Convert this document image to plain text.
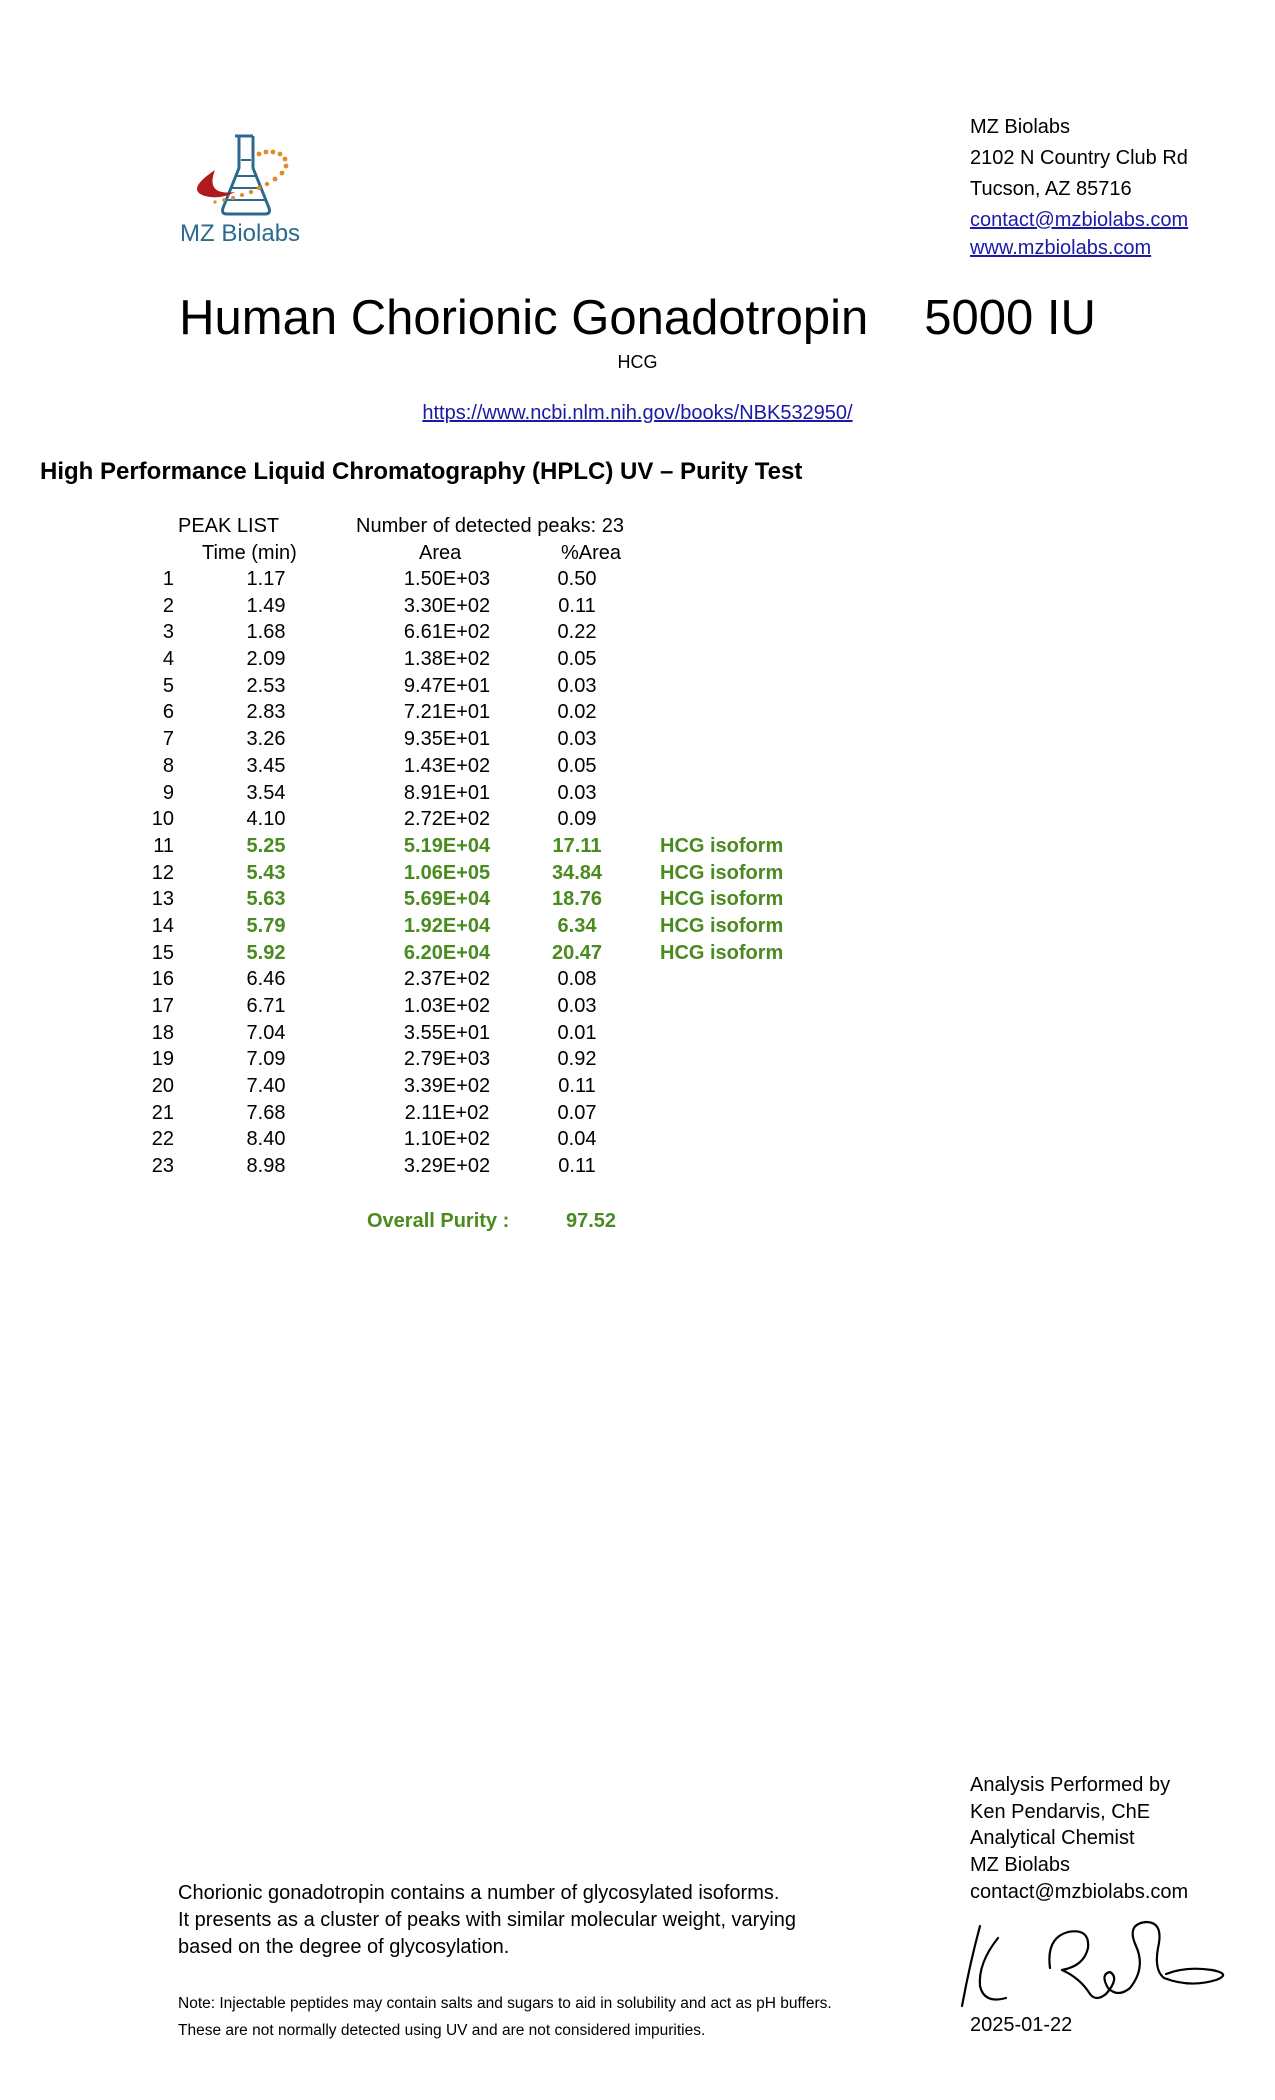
MZ Biolabs
MZ Biolabs
2102 N Country Club Rd
Tucson, AZ 85716
contact@mzbiolabs.com
www.mzbiolabs.com
Human Chorionic Gonadotropin 5000 IU
HCG
https://www.ncbi.nlm.nih.gov/books/NBK532950/
High Performance Liquid Chromatography (HPLC) UV – Purity Test
PEAK LIST	Number of detected peaks: 23
Time (min)	Area	%Area
1	1.17	1.50E+03	0.50
2	1.49	3.30E+02	0.11
3	1.68	6.61E+02	0.22
4	2.09	1.38E+02	0.05
5	2.53	9.47E+01	0.03
6	2.83	7.21E+01	0.02
7	3.26	9.35E+01	0.03
8	3.45	1.43E+02	0.05
9	3.54	8.91E+01	0.03
10	4.10	2.72E+02	0.09
11	5.25	5.19E+04	17.11	HCG isoform
12	5.43	1.06E+05	34.84	HCG isoform
13	5.63	5.69E+04	18.76	HCG isoform
14	5.79	1.92E+04	6.34	HCG isoform
15	5.92	6.20E+04	20.47	HCG isoform
16	6.46	2.37E+02	0.08
17	6.71	1.03E+02	0.03
18	7.04	3.55E+01	0.01
19	7.09	2.79E+03	0.92
20	7.40	3.39E+02	0.11
21	7.68	2.11E+02	0.07
22	8.40	1.10E+02	0.04
23	8.98	3.29E+02	0.11
Overall Purity :	97.52
Analysis Performed by
Ken Pendarvis, ChE
Analytical Chemist
MZ Biolabs
contact@mzbiolabs.com
2025-01-22
Chorionic gonadotropin contains a number of glycosylated isoforms.
It presents as a cluster of peaks with similar molecular weight, varying
based on the degree of glycosylation.
Note: Injectable peptides may contain salts and sugars to aid in solubility and act as pH buffers.
These are not normally detected using UV and are not considered impurities.
